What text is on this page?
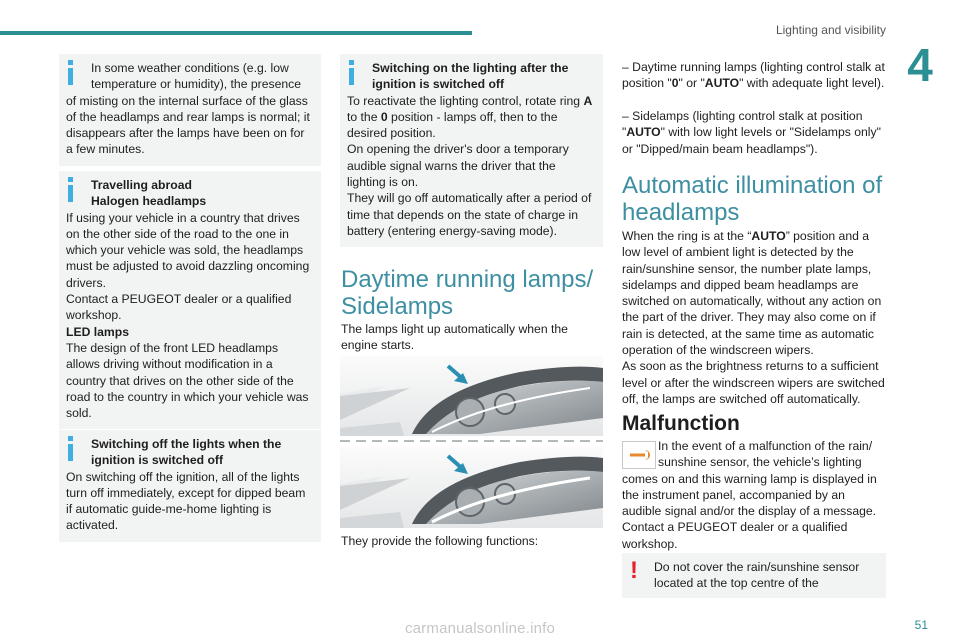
Lighting and visibility
4
In some weather conditions (e.g. low temperature or humidity), the presence
of misting on the internal surface of the glass of the headlamps and rear lamps is normal; it disappears after the lamps have been on for a few minutes.
Travelling abroad
Halogen headlamps
If using your vehicle in a country that drives on the other side of the road to the one in which your vehicle was sold, the headlamps must be adjusted to avoid dazzling oncoming drivers.
Contact a PEUGEOT dealer or a qualified workshop.
LED lamps
The design of the front LED headlamps allows driving without modification in a country that drives on the other side of the road to the country in which your vehicle was sold.
Switching off the lights when the ignition is switched off
On switching off the ignition, all of the lights turn off immediately, except for dipped beam if automatic guide-me-home lighting is activated.
Switching on the lighting after the ignition is switched off
To reactivate the lighting control, rotate ring A to the 0 position - lamps off, then to the desired position.
On opening the driver's door a temporary audible signal warns the driver that the lighting is on.
They will go off automatically after a period of time that depends on the state of charge in battery (entering energy-saving mode).
Daytime running lamps/ Sidelamps
The lamps light up automatically when the engine starts.
They provide the following functions:
– Daytime running lamps (lighting control stalk at position "0" or "AUTO" with adequate light level).
– Sidelamps (lighting control stalk at position "AUTO" with low light levels or "Sidelamps only" or "Dipped/main beam headlamps").
Automatic illumination of headlamps
When the ring is at the “AUTO” position and a low level of ambient light is detected by the rain/sunshine sensor, the number plate lamps, sidelamps and dipped beam headlamps are switched on automatically, without any action on the part of the driver. They may also come on if rain is detected, at the same time as automatic operation of the windscreen wipers.
As soon as the brightness returns to a sufficient level or after the windscreen wipers are switched off, the lamps are switched off automatically.
Malfunction
In the event of a malfunction of the rain/ sunshine sensor, the vehicle’s lighting
comes on and this warning lamp is displayed in the instrument panel, accompanied by an audible signal and/or the display of a message.
Contact a PEUGEOT dealer or a qualified workshop.
!	Do not cover the rain/sunshine sensor located at the top centre of the
51
carmanualsonline.info
